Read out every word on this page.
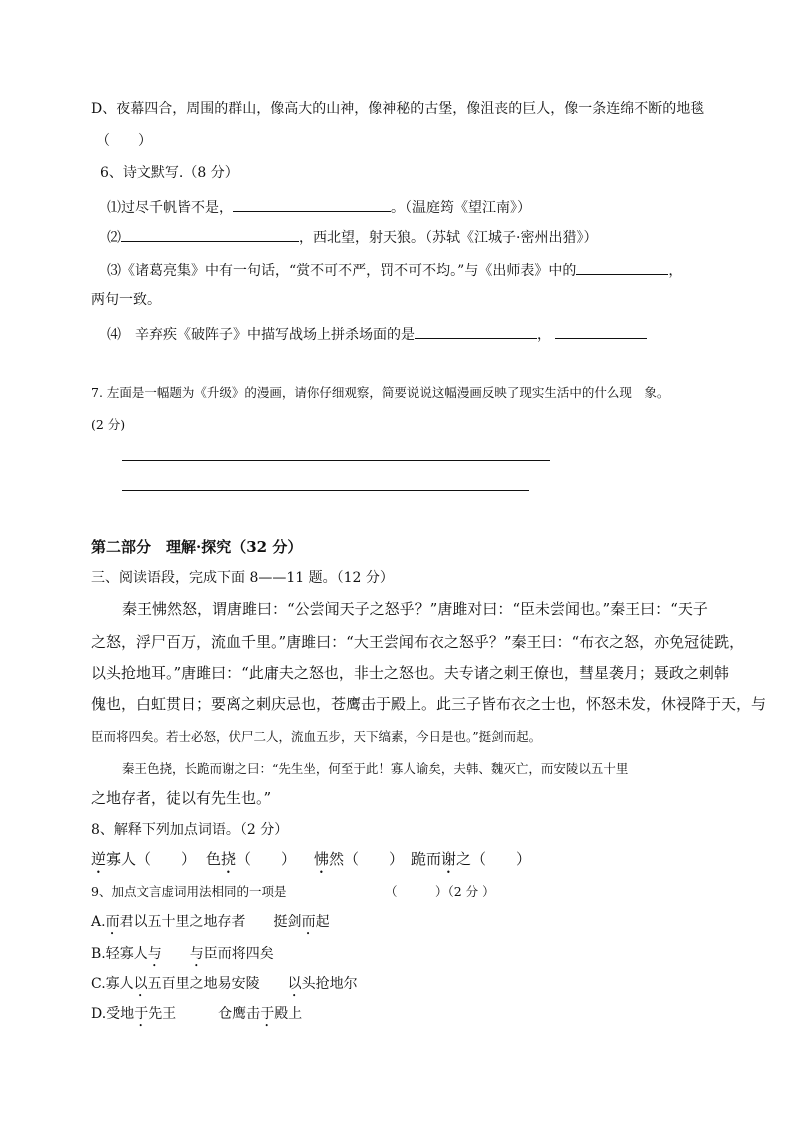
D、夜幕四合，周围的群山，像高大的山神，像神秘的古堡，像沮丧的巨人，像一条连绵不断的地毯
（　　）
6、诗文默写.（8 分）
⑴过尽千帆皆不是，	。（温庭筠《望江南》）
⑵	，西北望，射天狼。（苏轼《江城子·密州出猎》）
⑶《诸葛亮集》中有一句话，“赏不可不严，罚不可不均。”与《出师表》中的	，
两句一致。
⑷　辛弃疾《破阵子》中描写战场上拼杀场面的是	，
7. 左面是一幅题为《升级》的漫画，请你仔细观察，简要说说这幅漫画反映了现实生活中的什么现　象。
(2 分)
第二部分　理解·探究（32 分）
三、阅读语段，完成下面 8——11 题。（12 分）
秦王怫然怒，谓唐雎曰：“公尝闻天子之怒乎？”唐雎对曰：“臣未尝闻也。”秦王曰：“天子
之怒，浮尸百万，流血千里。”唐雎曰：“大王尝闻布衣之怒乎？”秦王曰：“布衣之怒，亦免冠徒跣，
以头抢地耳。”唐雎曰：“此庸夫之怒也，非士之怒也。夫专诸之刺王僚也，彗星袭月；聂政之刺韩
傀也，白虹贯日；要离之刺庆忌也，苍鹰击于殿上。此三子皆布衣之士也，怀怒未发，休祲降于天，与
臣而将四矣。若士必怒，伏尸二人，流血五步，天下缟素，今日是也。”挺剑而起。
秦王色挠，长跪而谢之曰：“先生坐，何至于此！寡人谕矣，夫韩、魏灭亡，而安陵以五十里
之地存者，徒以有先生也。”
8、解释下列加点词语。（2 分）
逆寡人（　　） 色挠（　　） 怫然（　　） 跪而谢之（　　）
9、加点文言虚词用法相同的一项是	（　　　）（2 分 ）
A.而君以五十里之地存者　　挺剑而起
B.轻寡人与　　 与臣而将四矣
C.寡人以五百里之地易安陵　　以头抢地尔
D.受地于先王　　　仓鹰击于殿上
